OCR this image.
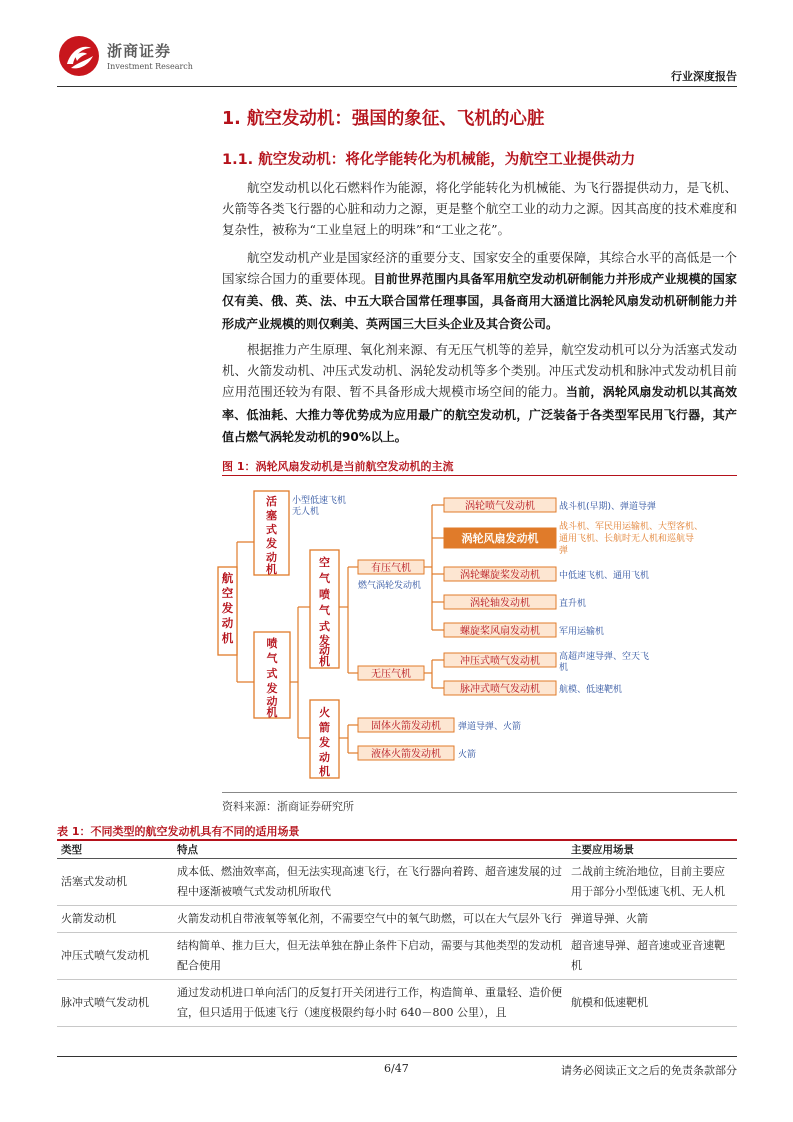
浙商证券
Investment Research
行业深度报告
1. 航空发动机：强国的象征、飞机的心脏
1.1. 航空发动机：将化学能转化为机械能，为航空工业提供动力

航空发动机以化石燃料作为能源，将化学能转化为机械能、为飞行器提供动力，是飞机、火箭等各类飞行器的心脏和动力之源，更是整个航空工业的动力之源。因其高度的技术难度和复杂性，被称为“工业皇冠上的明珠”和“工业之花”。

航空发动机产业是国家经济的重要分支、国家安全的重要保障，其综合水平的高低是一个国家综合国力的重要体现。目前世界范围内具备军用航空发动机研制能力并形成产业规模的国家仅有美、俄、英、法、中五大联合国常任理事国，具备商用大涵道比涡轮风扇发动机研制能力并形成产业规模的则仅剩美、英两国三大巨头企业及其合资公司。

根据推力产生原理、氧化剂来源、有无压气机等的差异，航空发动机可以分为活塞式发动机、火箭发动机、冲压式发动机、涡轮发动机等多个类别。冲压式发动机和脉冲式发动机目前应用范围还较为有限、暂不具备形成大规模市场空间的能力。当前，涡轮风扇发动机以其高效率、低油耗、大推力等优势成为应用最广的航空发动机，广泛装备于各类型军民用飞行器，其产值占燃气涡轮发动机的90%以上。

图 1：涡轮风扇发动机是当前航空发动机的主流
航空发动机
活塞式发动机
小型低速飞机
无人机
喷气式发动机
空气喷气式发动机
火箭发动机
有压气机
燃气涡轮发动机
无压气机
涡轮喷气发动机	战斗机(早期)、弹道导弹
涡轮风扇发动机
战斗机、军民用运输机、大型客机、
通用飞机、长航时无人机和巡航导
弹
涡轮螺旋桨发动机 中低速飞机、通用飞机
涡轮轴发动机	直升机
螺旋桨风扇发动机 军用运输机
冲压式喷气发动机 高超声速导弹、空天飞
机
脉冲式喷气发动机 航模、低速靶机
固体火箭发动机 弹道导弹、火箭
液体火箭发动机 火箭
资料来源：浙商证券研究所
表 1：不同类型的航空发动机具有不同的适用场景
类型	特点	主要应用场景
活塞式发动机	成本低、燃油效率高，但无法实现高速飞行，在飞行器向着跨、超音速发展的过程中逐渐被喷气式发动机所取代	二战前主统治地位，目前主要应用于部分小型低速飞机、无人机
火箭发动机	火箭发动机自带液氧等氧化剂，不需要空气中的氧气助燃，可以在大气层外飞行	弹道导弹、火箭
冲压式喷气发动机	结构简单、推力巨大，但无法单独在静止条件下启动，需要与其他类型的发动机配合使用	超音速导弹、超音速或亚音速靶机
脉冲式喷气发动机	通过发动机进口单向活门的反复打开关闭进行工作，构造简单、重量轻、造价便宜，但只适用于低速飞行（速度极限约每小时 640－800 公里），且	航模和低速靶机
6/47	请务必阅读正文之后的免责条款部分
